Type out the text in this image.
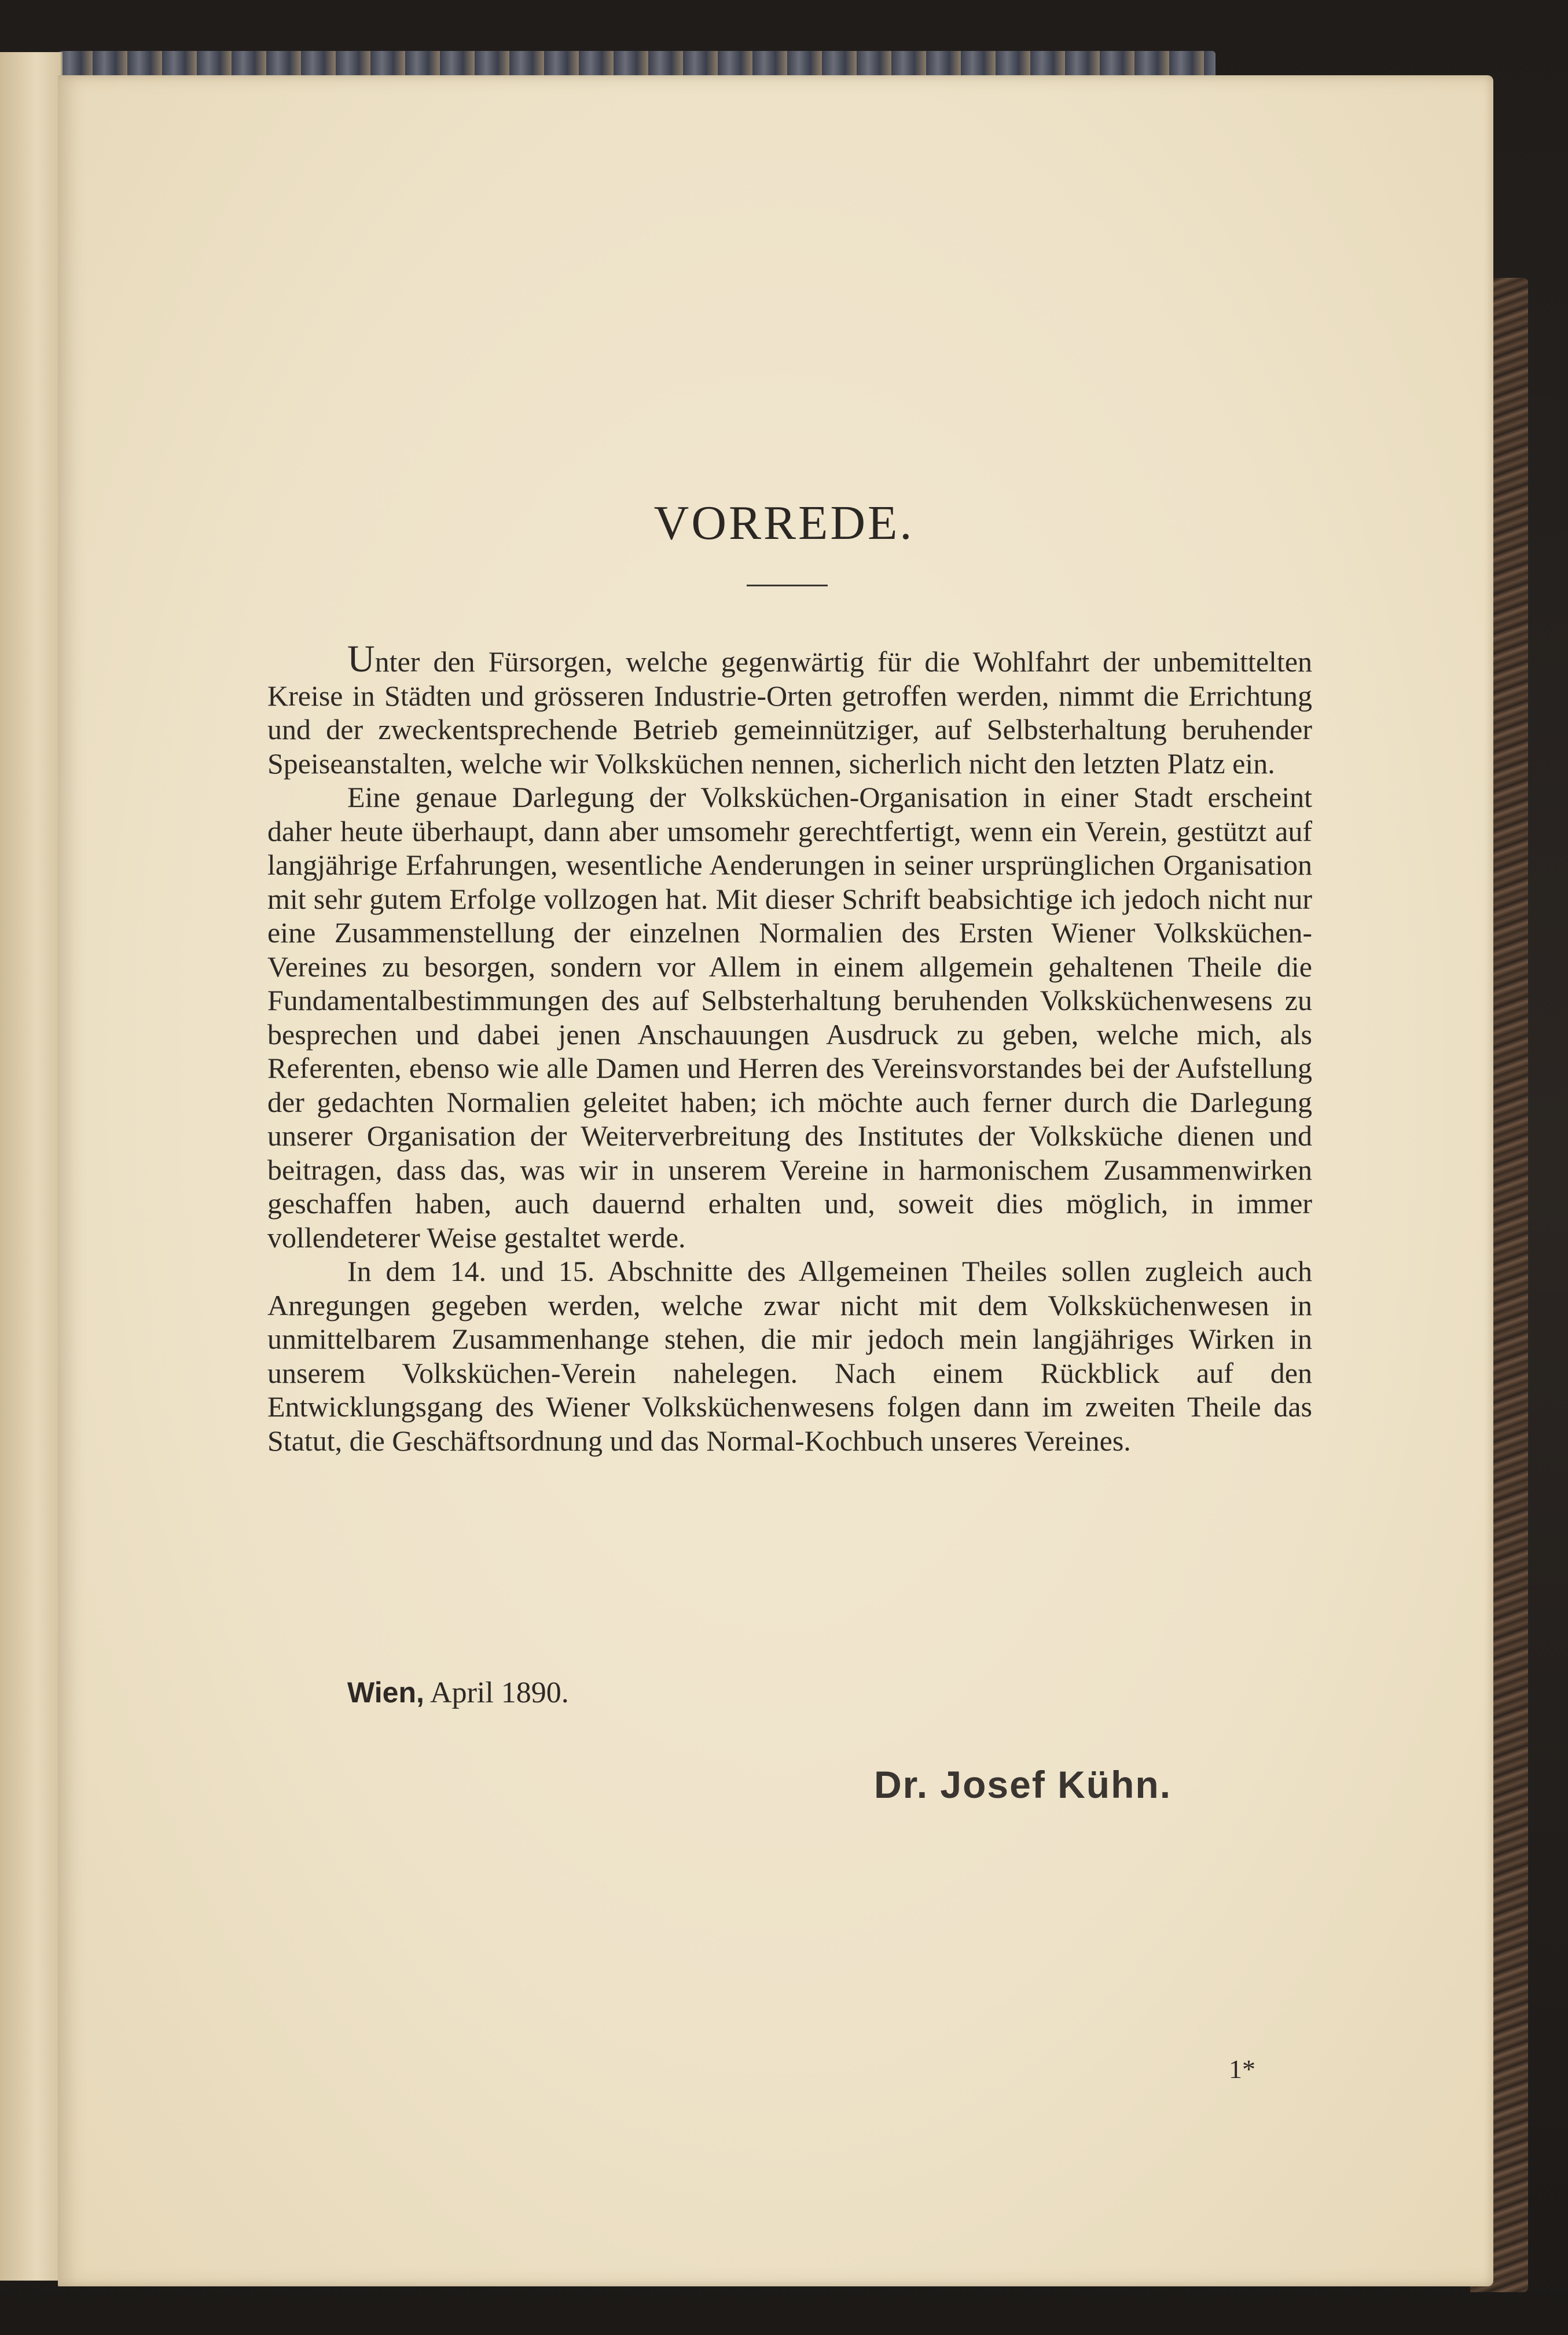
VORREDE.

Unter den Fürsorgen, welche gegenwärtig für die Wohlfahrt der unbemittelten Kreise in Städten und grösseren Industrie-Orten getroffen werden, nimmt die Errichtung und der zweckentsprechende Betrieb gemeinnütziger, auf Selbsterhaltung beruhender Speiseanstalten, welche wir Volksküchen nennen, sicherlich nicht den letzten Platz ein.

Eine genaue Darlegung der Volksküchen-Organisation in einer Stadt erscheint daher heute überhaupt, dann aber umsomehr gerechtfertigt, wenn ein Verein, gestützt auf langjährige Erfahrungen, wesentliche Aenderungen in seiner ursprünglichen Organisation mit sehr gutem Erfolge vollzogen hat. Mit dieser Schrift beabsichtige ich jedoch nicht nur eine Zusammenstellung der einzelnen Normalien des Ersten Wiener Volksküchen-Vereines zu besorgen, sondern vor Allem in einem allgemein gehaltenen Theile die Fundamentalbestimmungen des auf Selbsterhaltung beruhenden Volksküchenwesens zu besprechen und dabei jenen Anschauungen Ausdruck zu geben, welche mich, als Referenten, ebenso wie alle Damen und Herren des Vereinsvorstandes bei der Aufstellung der gedachten Normalien geleitet haben; ich möchte auch ferner durch die Darlegung unserer Organisation der Weiterverbreitung des Institutes der Volksküche dienen und beitragen, dass das, was wir in unserem Vereine in harmonischem Zusammenwirken geschaffen haben, auch dauernd erhalten und, soweit dies möglich, in immer vollendeterer Weise gestaltet werde.

In dem 14. und 15. Abschnitte des Allgemeinen Theiles sollen zugleich auch Anregungen gegeben werden, welche zwar nicht mit dem Volksküchenwesen in unmittelbarem Zusammenhange stehen, die mir jedoch mein langjähriges Wirken in unserem Volksküchen-Verein nahelegen. Nach einem Rückblick auf den Entwicklungsgang des Wiener Volksküchenwesens folgen dann im zweiten Theile das Statut, die Geschäftsordnung und das Normal-Kochbuch unseres Vereines.

Wien, April 1890.
Dr. Josef Kühn.
1*
